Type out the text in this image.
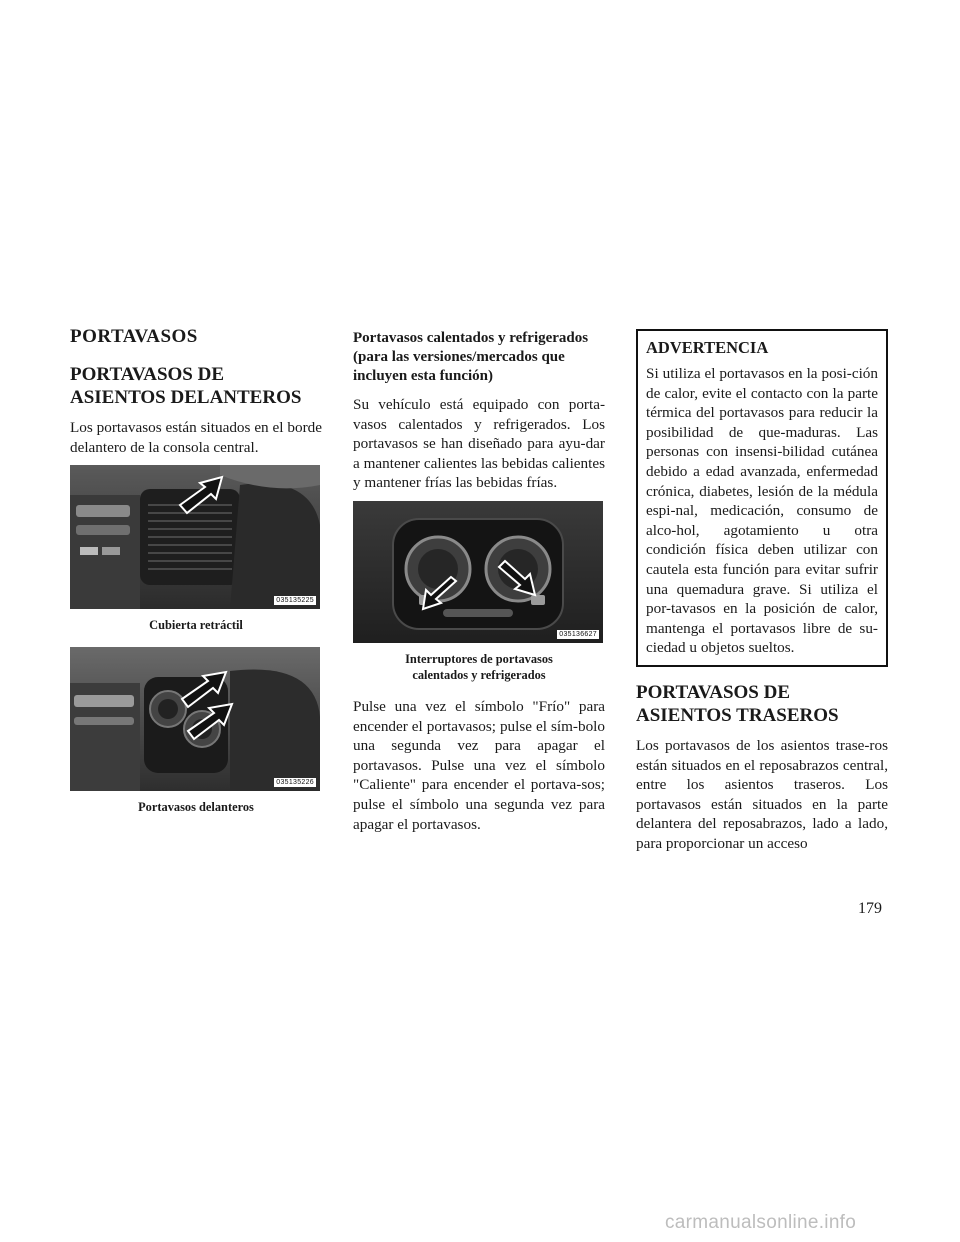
PORTAVASOS
PORTAVASOS DE ASIENTOS DELANTEROS

Los portavasos están situados en el borde delantero de la consola central.

035135225
Cubierta retráctil
035135226
Portavasos delanteros
Portavasos calentados y refrigerados (para las versiones/mercados que incluyen esta función)

Su vehículo está equipado con porta-vasos calentados y refrigerados. Los portavasos se han diseñado para ayu-dar a mantener calientes las bebidas calientes y mantener frías las bebidas frías.

035136627
Interruptores de portavasos calentados y refrigerados

Pulse una vez el símbolo "Frío" para encender el portavasos; pulse el sím-bolo una segunda vez para apagar el portavasos. Pulse una vez el símbolo "Caliente" para encender el portava-sos; pulse el símbolo una segunda vez para apagar el portavasos.

ADVERTENCIA

Si utiliza el portavasos en la posi-ción de calor, evite el contacto con la parte térmica del portavasos para reducir la posibilidad de que-maduras. Las personas con insensi-bilidad cutánea debido a edad avanzada, enfermedad crónica, diabetes, lesión de la médula espi-nal, medicación, consumo de alco-hol, agotamiento u otra condición física deben utilizar con cautela esta función para evitar sufrir una quemadura grave. Si utiliza el por-tavasos en la posición de calor, mantenga el portavasos libre de su-ciedad u objetos sueltos.

PORTAVASOS DE ASIENTOS TRASEROS

Los portavasos de los asientos trase-ros están situados en el reposabrazos central, entre los asientos traseros. Los portavasos están situados en la parte delantera del reposabrazos, lado a lado, para proporcionar un acceso

179
carmanualsonline.info
